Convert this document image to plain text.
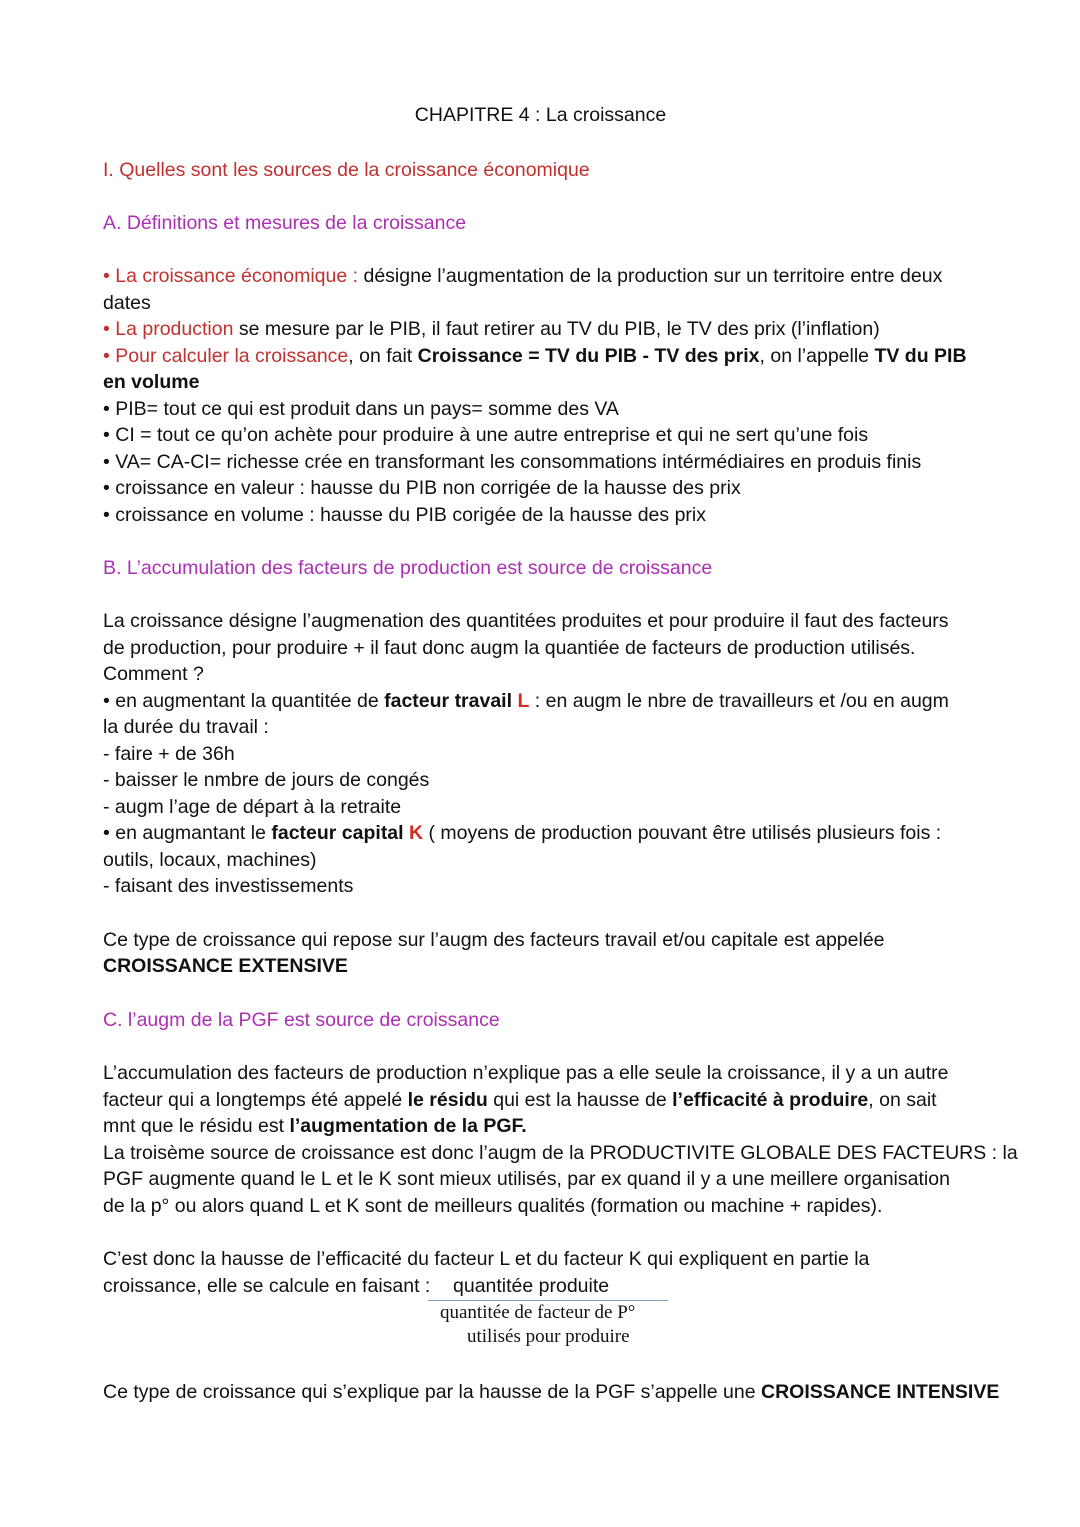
CHAPITRE 4 : La croissance
I. Quelles sont les sources de la croissance économique
A. Définitions et mesures de la croissance
• La croissance économique : désigne l’augmentation de la production sur un territoire entre deux
dates
• La production se mesure par le PIB, il faut retirer au TV du PIB, le TV des prix (l’inflation)
• Pour calculer la croissance, on fait Croissance = TV du PIB - TV des prix, on l’appelle TV du PIB
en volume
• PIB= tout ce qui est produit dans un pays= somme des VA
• CI = tout ce qu’on achète pour produire à une autre entreprise et qui ne sert qu’une fois
• VA= CA-CI= richesse crée en transformant les consommations intérmédiaires en produis finis
• croissance en valeur : hausse du PIB non corrigée de la hausse des prix
• croissance en volume : hausse du PIB corigée de la hausse des prix
B. L’accumulation des facteurs de production est source de croissance
La croissance désigne l’augmenation des quantitées produites et pour produire il faut des facteurs
de production, pour produire + il faut donc augm la quantiée de facteurs de production utilisés.
Comment ?
• en augmentant la quantitée de facteur travail L : en augm le nbre de travailleurs et /ou en augm
la durée du travail :
- faire + de 36h
- baisser le nmbre de jours de congés
- augm l’age de départ à la retraite
• en augmantant le facteur capital K ( moyens de production pouvant être utilisés plusieurs fois :
outils, locaux, machines)
- faisant des investissements
Ce type de croissance qui repose sur l’augm des facteurs travail et/ou capitale est appelée
CROISSANCE EXTENSIVE
C. l’augm de la PGF est source de croissance
L’accumulation des facteurs de production n’explique pas a elle seule la croissance, il y a un autre
facteur qui a longtemps été appelé le résidu qui est la hausse de l’efficacité à produire, on sait
mnt que le résidu est l’augmentation de la PGF.
La troisème source de croissance est donc l’augm de la PRODUCTIVITE GLOBALE DES FACTEURS : la
PGF augmente quand le L et le K sont mieux utilisés, par ex quand il y a une meillere organisation
de la p° ou alors quand L et K sont de meilleurs qualités (formation ou machine + rapides).
C’est donc la hausse de l’efficacité du facteur L et du facteur K qui expliquent en partie la
croissance, elle se calcule en faisant : quantitée produite
quantitée de facteur de P°
utilisés pour produire
Ce type de croissance qui s’explique par la hausse de la PGF s’appelle une CROISSANCE INTENSIVE
